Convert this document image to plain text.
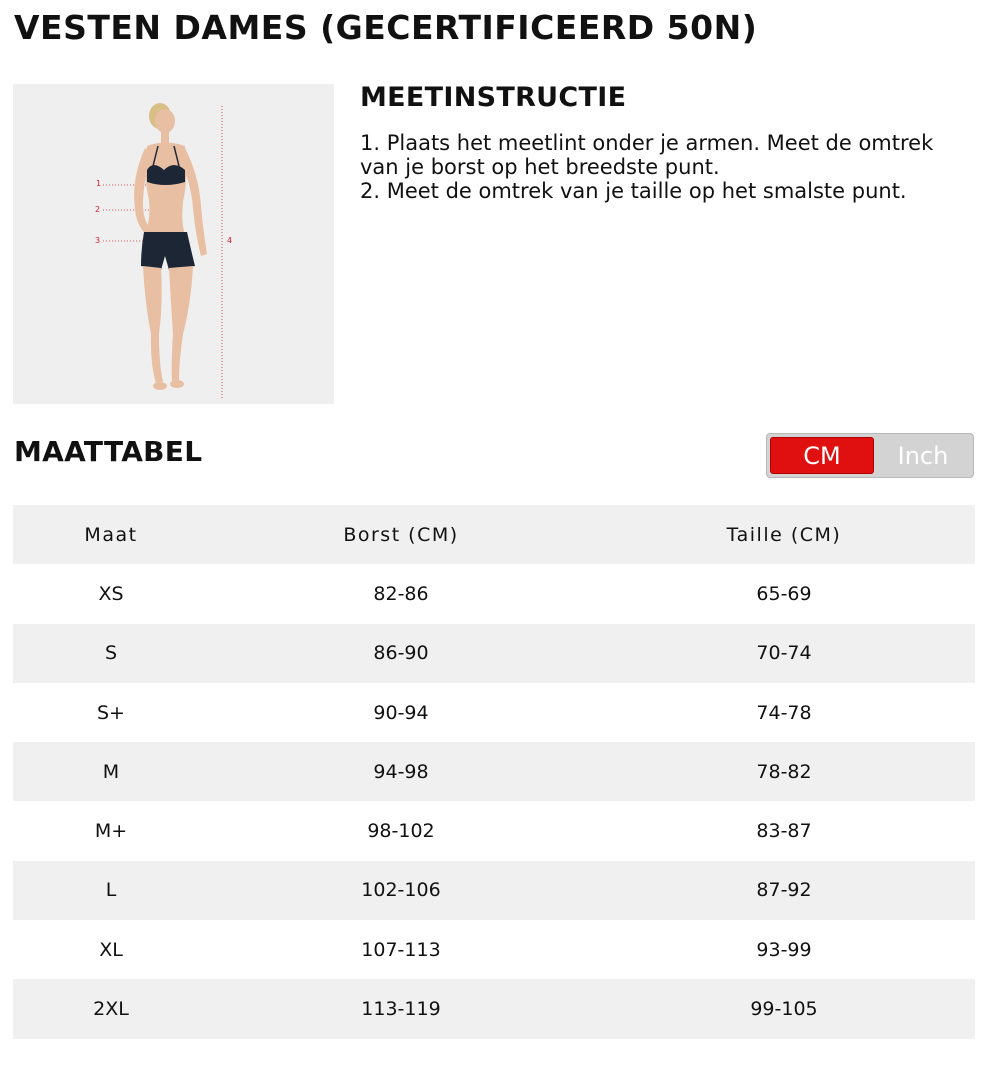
VESTEN DAMES (GECERTIFICEERD 50N)
1
2
3	4
MEETINSTRUCTIE

1. Plaats het meetlint onder je armen. Meet de omtrek van je borst op het breedste punt.

2. Meet de omtrek van je taille op het smalste punt.

MAATTABEL	CM	Inch
Maat	Borst (CM)	Taille (CM)
XS	82-86	65-69
S	86-90	70-74
S+	90-94	74-78
M	94-98	78-82
M+	98-102	83-87
L	102-106	87-92
XL	107-113	93-99
2XL	113-119	99-105
